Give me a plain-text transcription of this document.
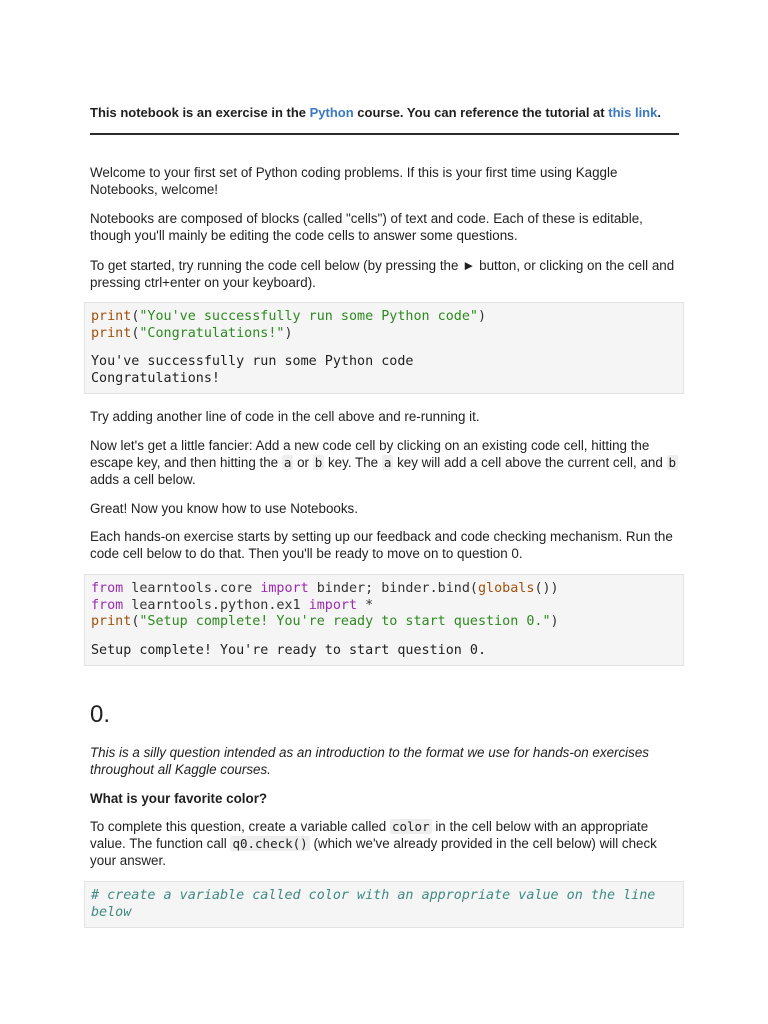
This notebook is an exercise in the Python course. You can reference the tutorial at this link.
Welcome to your first set of Python coding problems. If this is your first time using Kaggle Notebooks, welcome!
Notebooks are composed of blocks (called "cells") of text and code. Each of these is editable, though you'll mainly be editing the code cells to answer some questions.
To get started, try running the code cell below (by pressing the ► button, or clicking on the cell and pressing ctrl+enter on your keyboard).
print("You've successfully run some Python code")
print("Congratulations!")
You've successfully run some Python code
Congratulations!
Try adding another line of code in the cell above and re-running it.
Now let's get a little fancier: Add a new code cell by clicking on an existing code cell, hitting the escape key, and then hitting the a or b key. The a key will add a cell above the current cell, and b adds a cell below.
Great! Now you know how to use Notebooks.
Each hands-on exercise starts by setting up our feedback and code checking mechanism. Run the code cell below to do that. Then you'll be ready to move on to question 0.
from learntools.core import binder; binder.bind(globals())
from learntools.python.ex1 import *
print("Setup complete! You're ready to start question 0.")
Setup complete! You're ready to start question 0.
0.
This is a silly question intended as an introduction to the format we use for hands-on exercises throughout all Kaggle courses.
What is your favorite color?
To complete this question, create a variable called color in the cell below with an appropriate value. The function call q0.check() (which we've already provided in the cell below) will check your answer.
# create a variable called color with an appropriate value on the line
below
